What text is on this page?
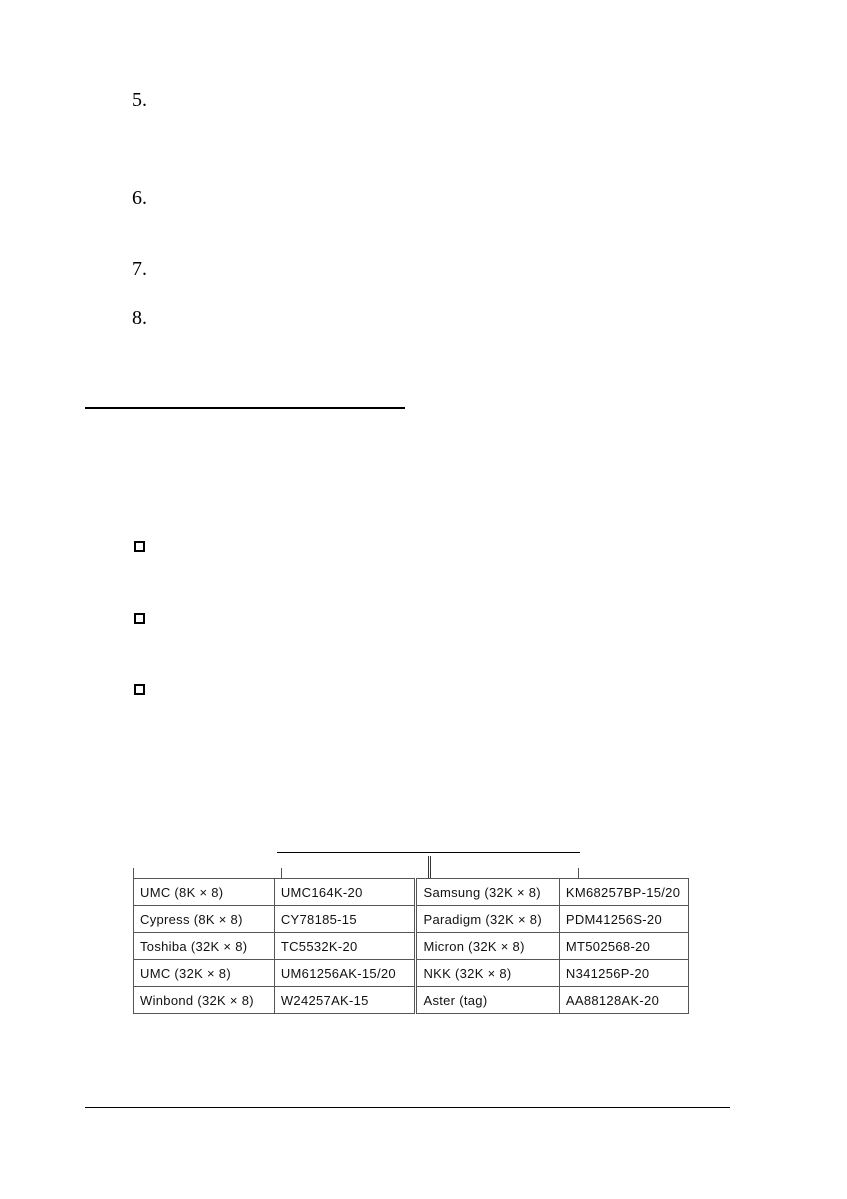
5.
6.
7.
8.
UMC (8K × 8)	UMC164K-20	Samsung (32K × 8)	KM68257BP-15/20
Cypress (8K × 8)	CY78185-15	Paradigm (32K × 8)	PDM41256S-20
Toshiba (32K × 8)	TC5532K-20	Micron (32K × 8)	MT502568-20
UMC (32K × 8)	UM61256AK-15/20	NKK (32K × 8)	N341256P-20
Winbond (32K × 8)	W24257AK-15	Aster (tag)	AA88128AK-20
